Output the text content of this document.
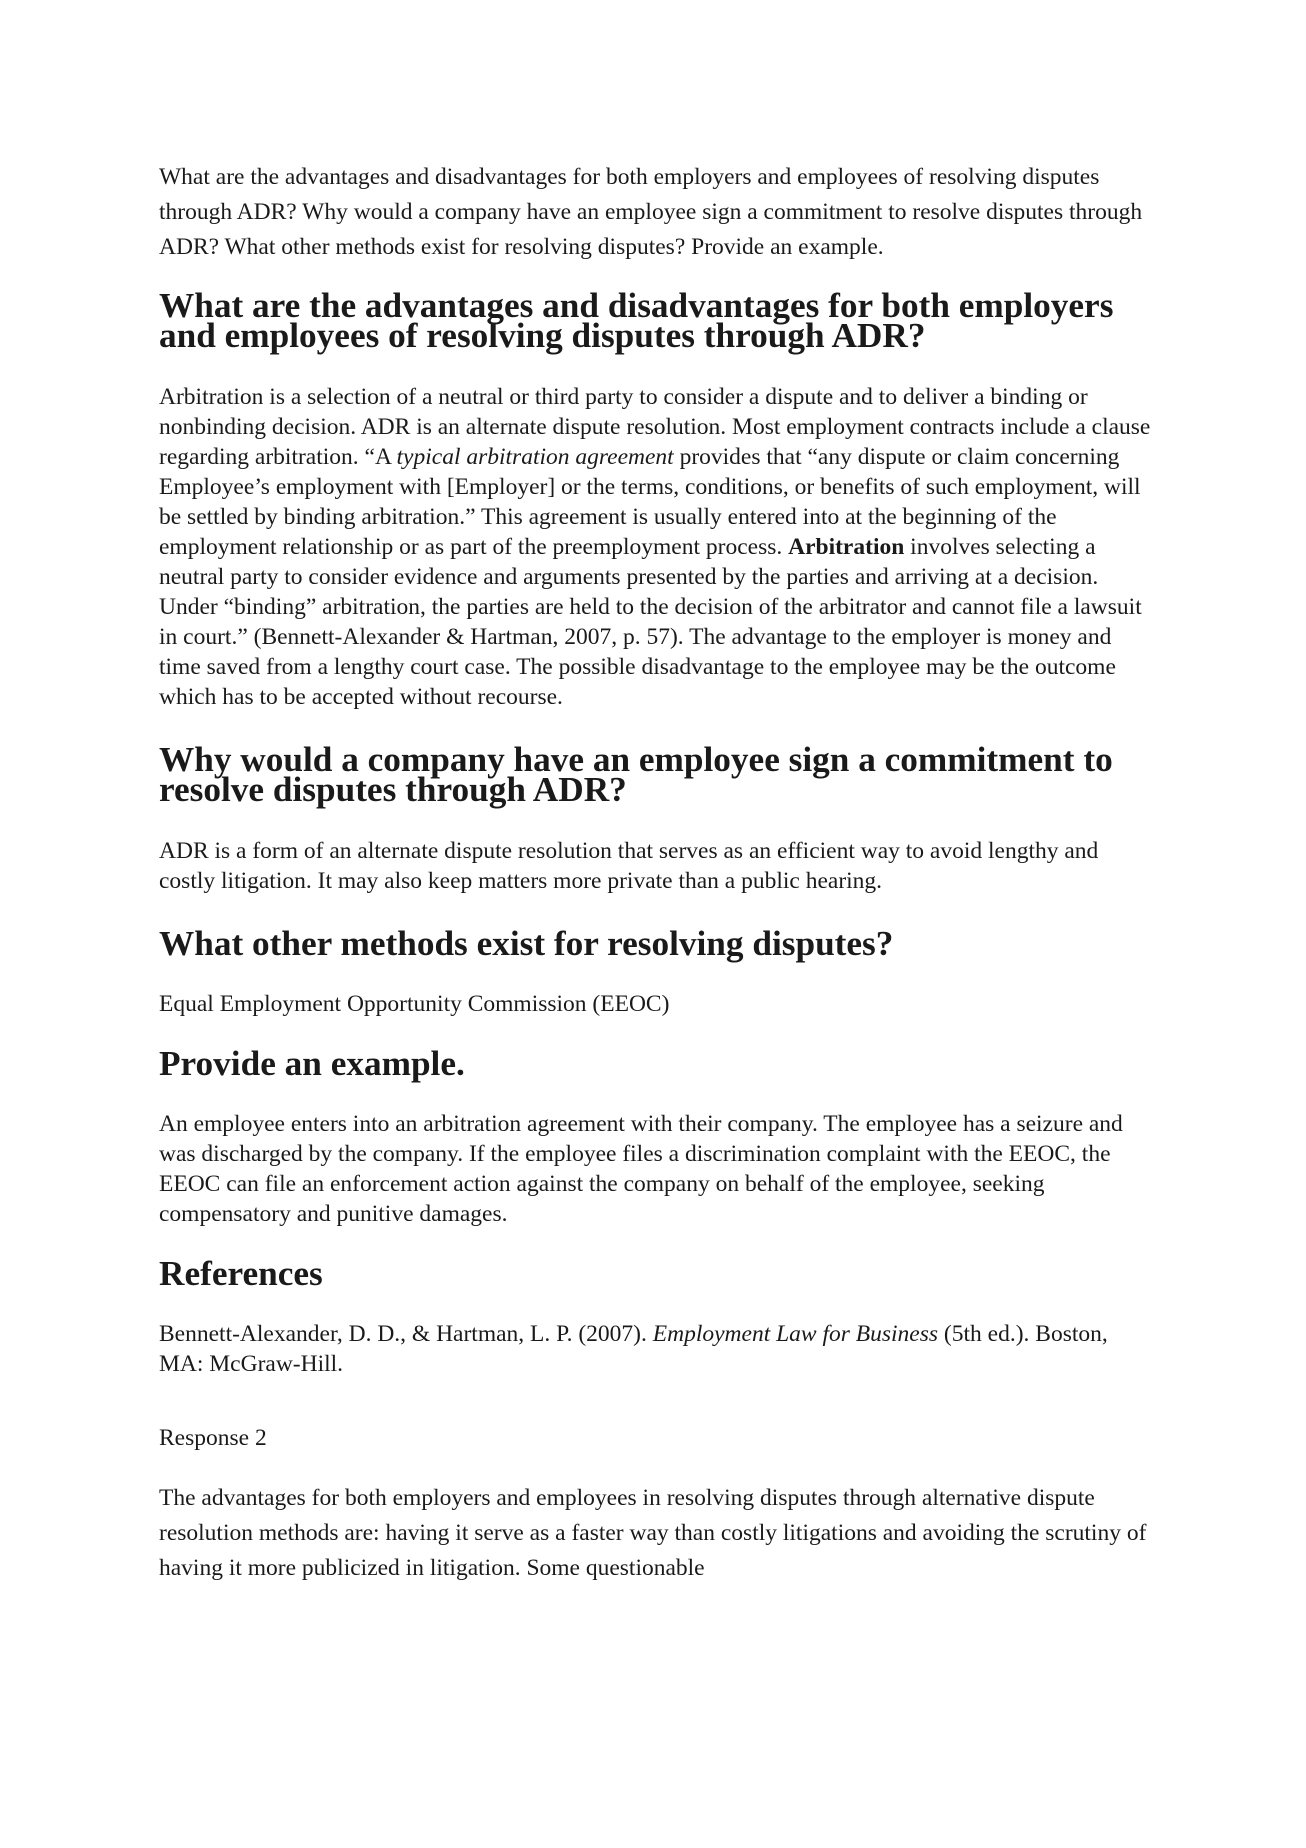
What are the advantages and disadvantages for both employers and employees of resolving disputes through ADR? Why would a company have an employee sign a commitment to resolve disputes through ADR? What other methods exist for resolving disputes? Provide an example.

What are the advantages and disadvantages for both employers and employees of resolving disputes through ADR?

Arbitration is a selection of a neutral or third party to consider a dispute and to deliver a binding or nonbinding decision. ADR is an alternate dispute resolution. Most employment contracts include a clause regarding arbitration. “A typical arbitration agreement provides that “any dispute or claim concerning Employee’s employment with [Employer] or the terms, conditions, or benefits of such employment, will be settled by binding arbitration.” This agreement is usually entered into at the beginning of the employment relationship or as part of the preemployment process. Arbitration involves selecting a neutral party to consider evidence and arguments presented by the parties and arriving at a decision. Under “binding” arbitration, the parties are held to the decision of the arbitrator and cannot file a lawsuit in court.” (Bennett-Alexander & Hartman, 2007, p. 57). The advantage to the employer is money and time saved from a lengthy court case. The possible disadvantage to the employee may be the outcome which has to be accepted without recourse.

Why would a company have an employee sign a commitment to resolve disputes through ADR?

ADR is a form of an alternate dispute resolution that serves as an efficient way to avoid lengthy and costly litigation. It may also keep matters more private than a public hearing.

What other methods exist for resolving disputes?

Equal Employment Opportunity Commission (EEOC)

Provide an example.

An employee enters into an arbitration agreement with their company. The employee has a seizure and was discharged by the company. If the employee files a discrimination complaint with the EEOC, the EEOC can file an enforcement action against the company on behalf of the employee, seeking compensatory and punitive damages.

References

Bennett-Alexander, D. D., & Hartman, L. P. (2007). Employment Law for Business (5th ed.). Boston, MA: McGraw-Hill.

Response 2

The advantages for both employers and employees in resolving disputes through alternative dispute resolution methods are: having it serve as a faster way than costly litigations and avoiding the scrutiny of having it more publicized in litigation. Some questionable
